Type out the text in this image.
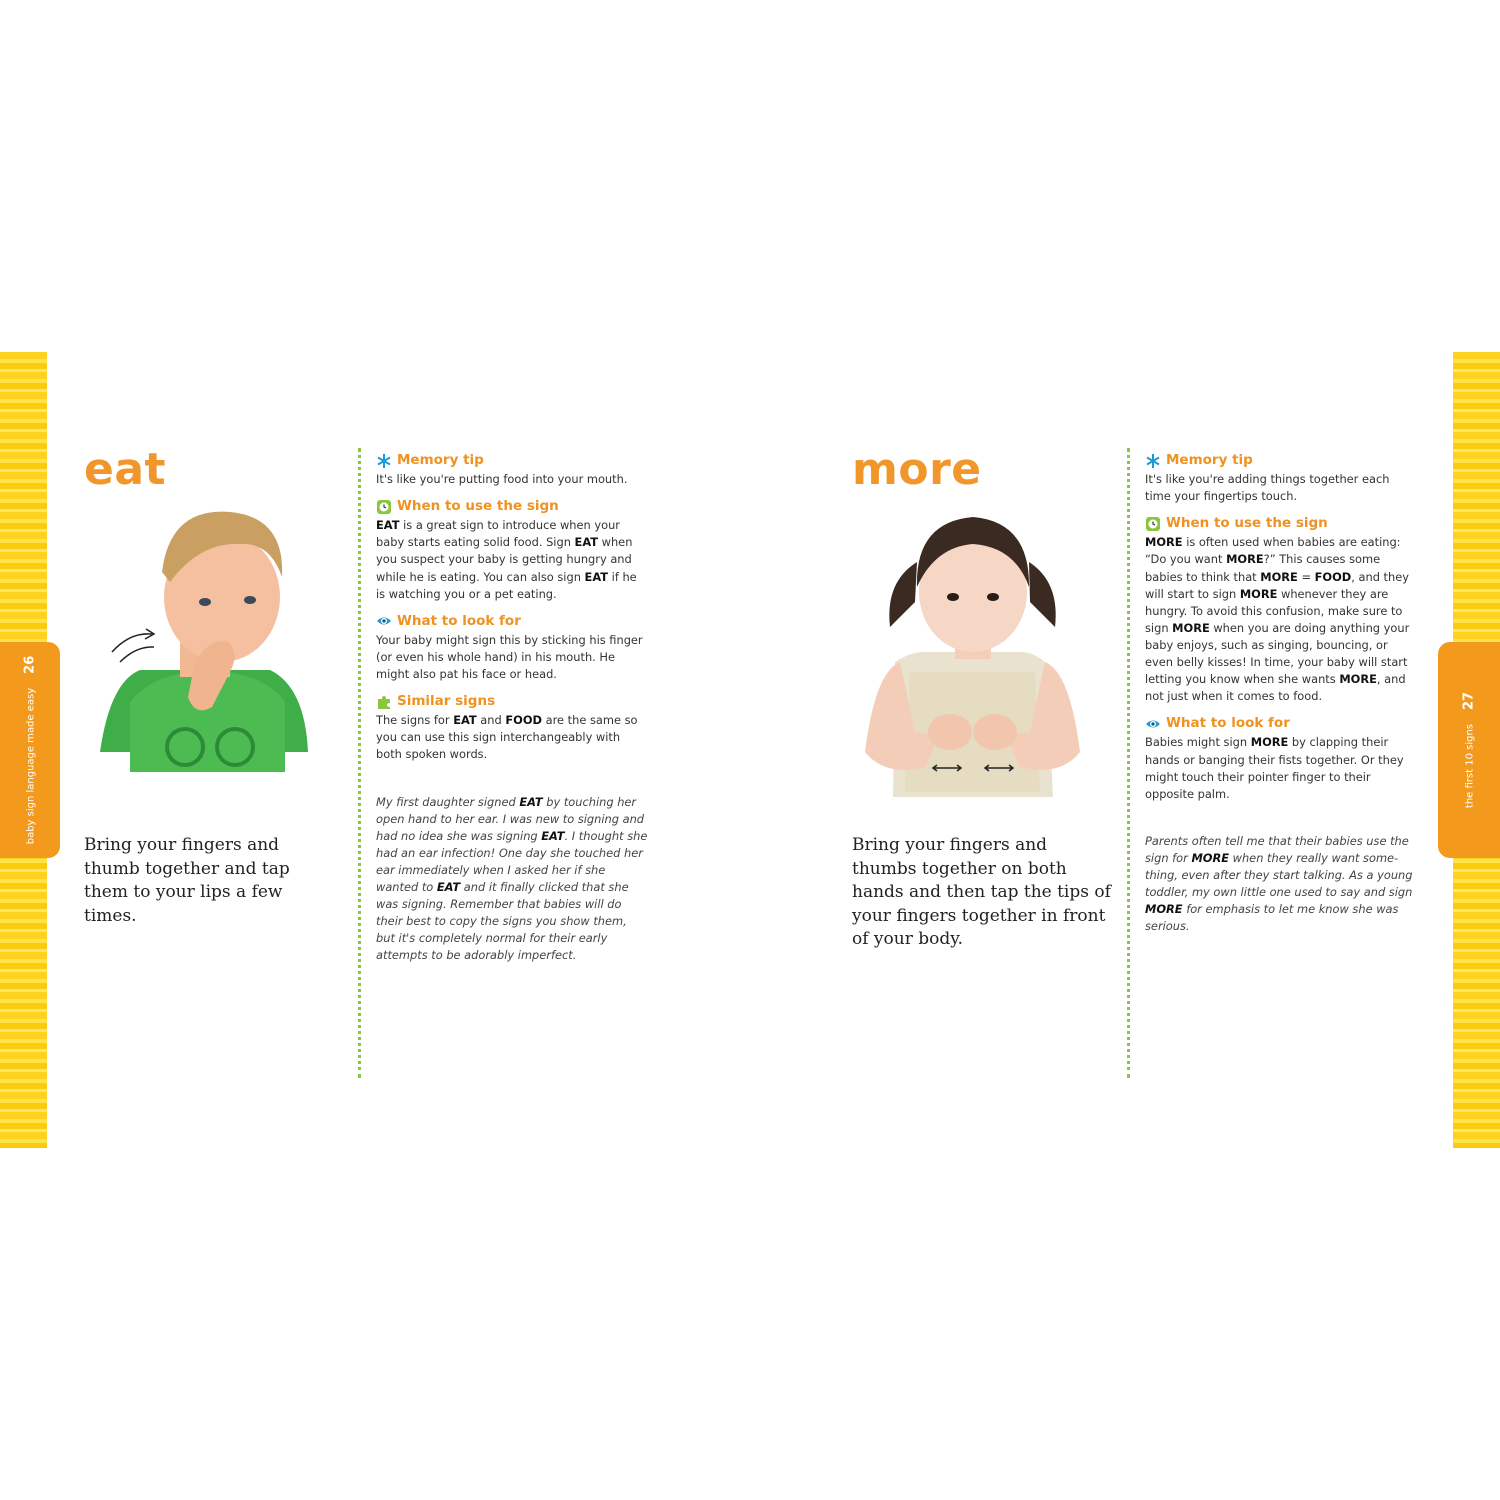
baby sign language made easy26
the first 10 signs27
eat
Bring your fingers and thumb together and tap them to your lips a few times.
Memory tip

It's like you're putting food into your mouth.

When to use the sign

EAT is a great sign to introduce when your baby starts eating solid food. Sign EAT when you suspect your baby is getting hungry and while he is eating. You can also sign EAT if he is watching you or a pet eating.

What to look for

Your baby might sign this by sticking his finger (or even his whole hand) in his mouth. He might also pat his face or head.

Similar signs

The signs for EAT and FOOD are the same so you can use this sign interchangeably with both spoken words.

My first daughter signed EAT by touching her open hand to her ear. I was new to signing and had no idea she was signing EAT. I thought she had an ear infection! One day she touched her ear immediately when I asked her if she wanted to EAT and it finally clicked that she was signing. Remember that babies will do their best to copy the signs you show them, but it's completely normal for their early attempts to be adorably imperfect.

more
Bring your fingers and thumbs together on both hands and then tap the tips of your fingers together in front of your body.
Memory tip

It's like you're adding things together each time your fingertips touch.

When to use the sign

MORE is often used when babies are eating: “Do you want MORE?” This causes some babies to think that MORE = FOOD, and they will start to sign MORE whenever they are hungry. To avoid this confusion, make sure to sign MORE when you are doing anything your baby enjoys, such as singing, bouncing, or even belly kisses! In time, your baby will start letting you know when she wants MORE, and not just when it comes to food.

What to look for

Babies might sign MORE by clapping their hands or banging their fists together. Or they might touch their pointer finger to their opposite palm.

Parents often tell me that their babies use the sign for MORE when they really want some-thing, even after they start talking. As a young toddler, my own little one used to say and sign MORE for emphasis to let me know she was serious.
